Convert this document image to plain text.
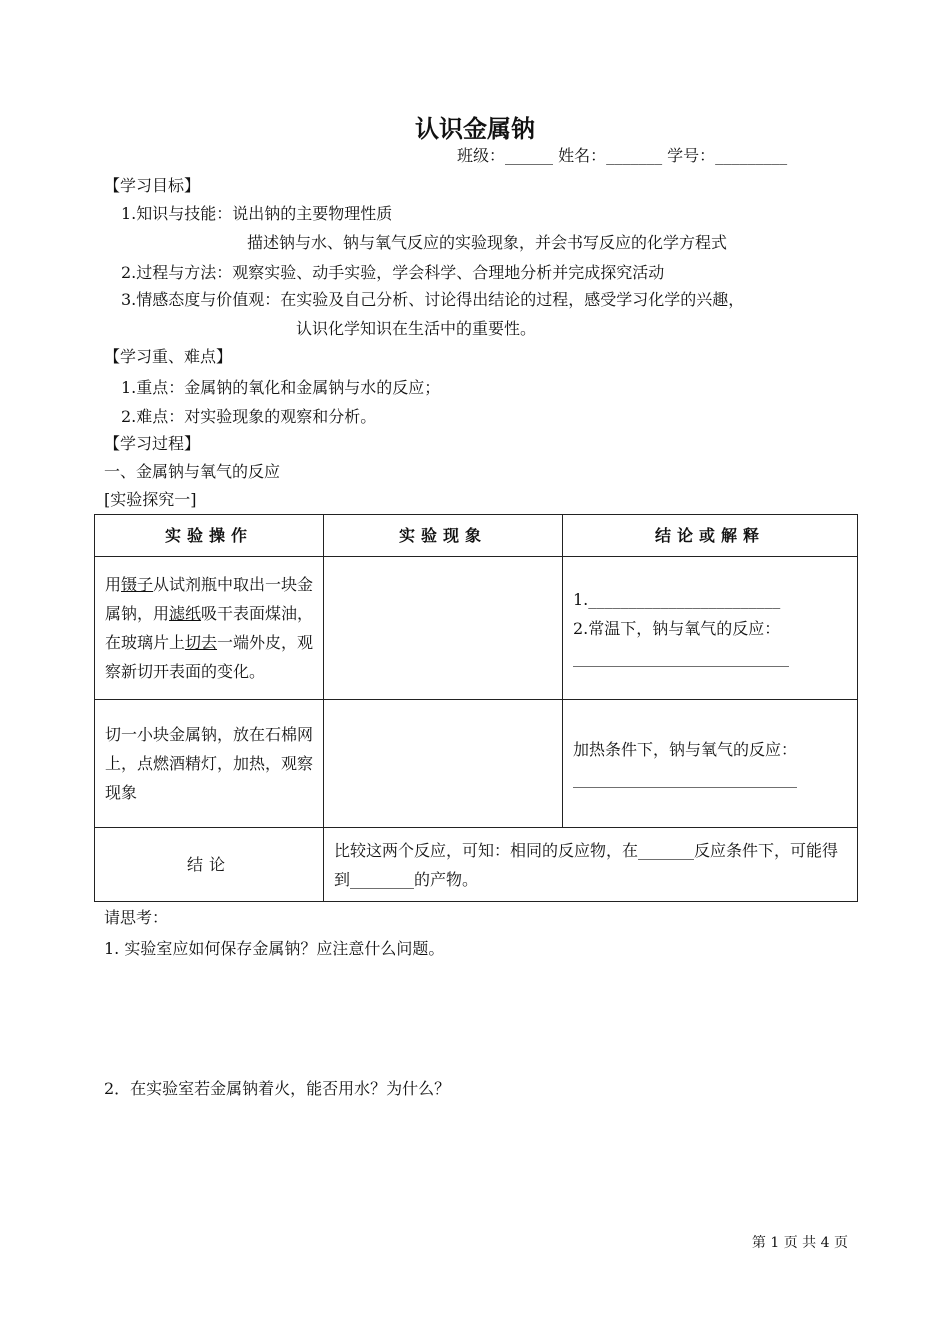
认识金属钠
班级：______ 姓名：_______ 学号：_________
【学习目标】
1.知识与技能：说出钠的主要物理性质
描述钠与水、钠与氧气反应的实验现象，并会书写反应的化学方程式
2.过程与方法：观察实验、动手实验，学会科学、合理地分析并完成探究活动
3.情感态度与价值观：在实验及自己分析、讨论得出结论的过程，感受学习化学的兴趣，
认识化学知识在生活中的重要性。
【学习重、难点】
1.重点：金属钠的氧化和金属钠与水的反应；
2.难点：对实验现象的观察和分析。
【学习过程】
一、金属钠与氧气的反应
[实验探究一]
实验操作	实验现象	结论或解释
用镊子从试剂瓶中取出一块金属钠，用滤纸吸干表面煤油，在玻璃片上切去一端外皮，观察新切开表面的变化。		1.________________________
2.常温下，钠与氧气的反应：
___________________________

切一小块金属钠，放在石棉网上，点燃酒精灯，加热，观察现象		加热条件下，钠与氧气的反应：
____________________________

结论	比较这两个反应，可知：相同的反应物，在_______反应条件下，可能得到________的产物。	
请思考：
1. 实验室应如何保存金属钠？应注意什么问题。
2．在实验室若金属钠着火，能否用水？为什么？
第 1 页 共 4 页
